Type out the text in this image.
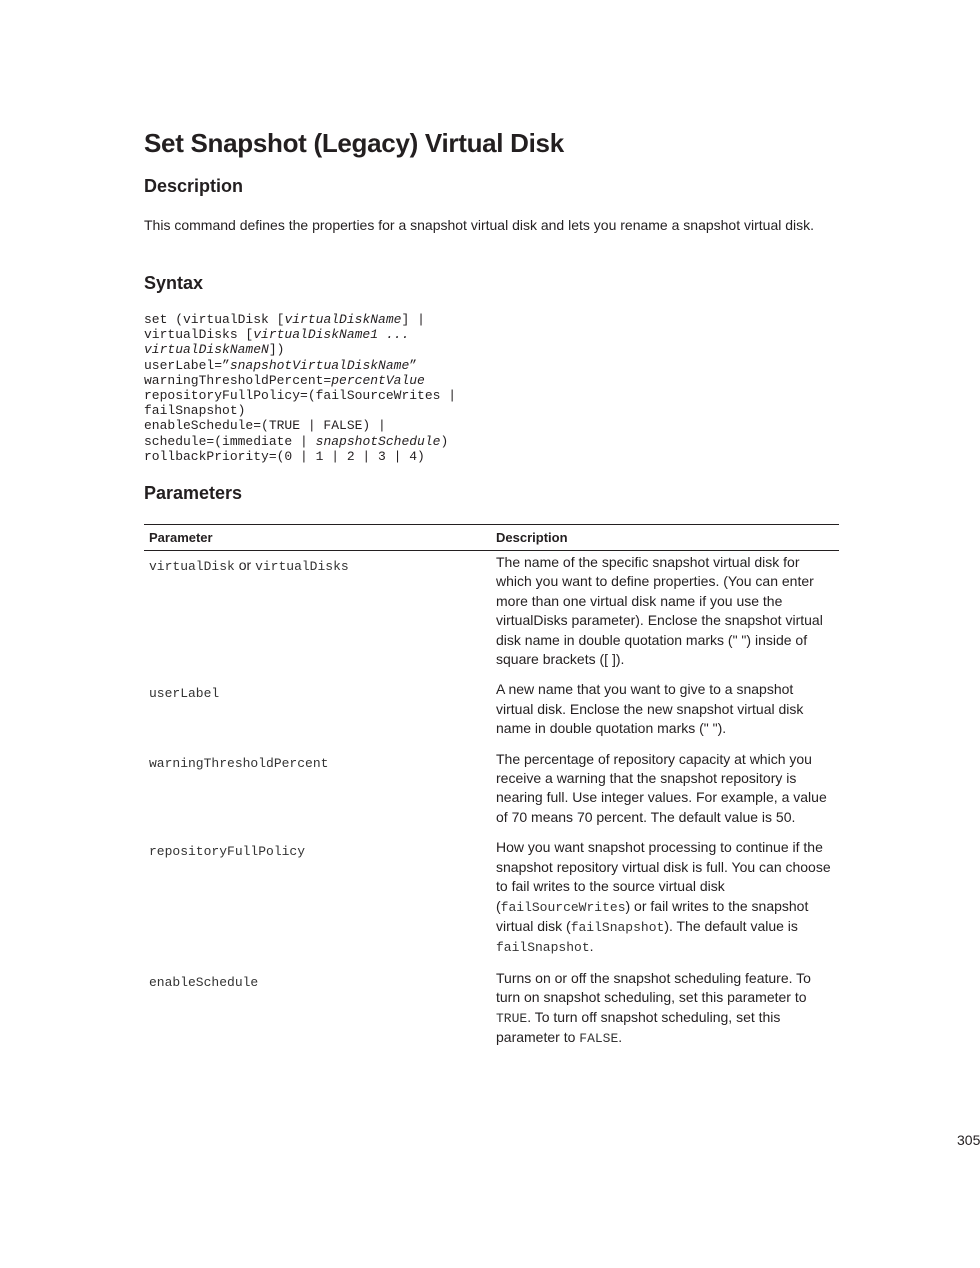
Set Snapshot (Legacy) Virtual Disk
Description

This command defines the properties for a snapshot virtual disk and lets you rename a snapshot virtual disk.

Syntax
set (virtualDisk [virtualDiskName] |
virtualDisks [virtualDiskName1 ...
virtualDiskNameN])
userLabel=”snapshotVirtualDiskName”
warningThresholdPercent=percentValue
repositoryFullPolicy=(failSourceWrites |
failSnapshot)
enableSchedule=(TRUE | FALSE) |
schedule=(immediate | snapshotSchedule)
rollbackPriority=(0 | 1 | 2 | 3 | 4)
Parameters
Parameter	Description
virtualDisk or virtualDisks	The name of the specific snapshot virtual disk for which you want to define properties. (You can enter more than one virtual disk name if you use the virtualDisks parameter). Enclose the snapshot virtual disk name in double quotation marks (" ") inside of square brackets ([ ]).
userLabel	A new name that you want to give to a snapshot virtual disk. Enclose the new snapshot virtual disk name in double quotation marks (" ").
warningThresholdPercent	The percentage of repository capacity at which you receive a warning that the snapshot repository is nearing full. Use integer values. For example, a value of 70 means 70 percent. The default value is 50.
repositoryFullPolicy	How you want snapshot processing to continue if the snapshot repository virtual disk is full. You can choose to fail writes to the source virtual disk (failSourceWrites) or fail writes to the snapshot virtual disk (failSnapshot). The default value is failSnapshot.
enableSchedule	Turns on or off the snapshot scheduling feature. To turn on snapshot scheduling, set this parameter to TRUE. To turn off snapshot scheduling, set this parameter to FALSE.
305
